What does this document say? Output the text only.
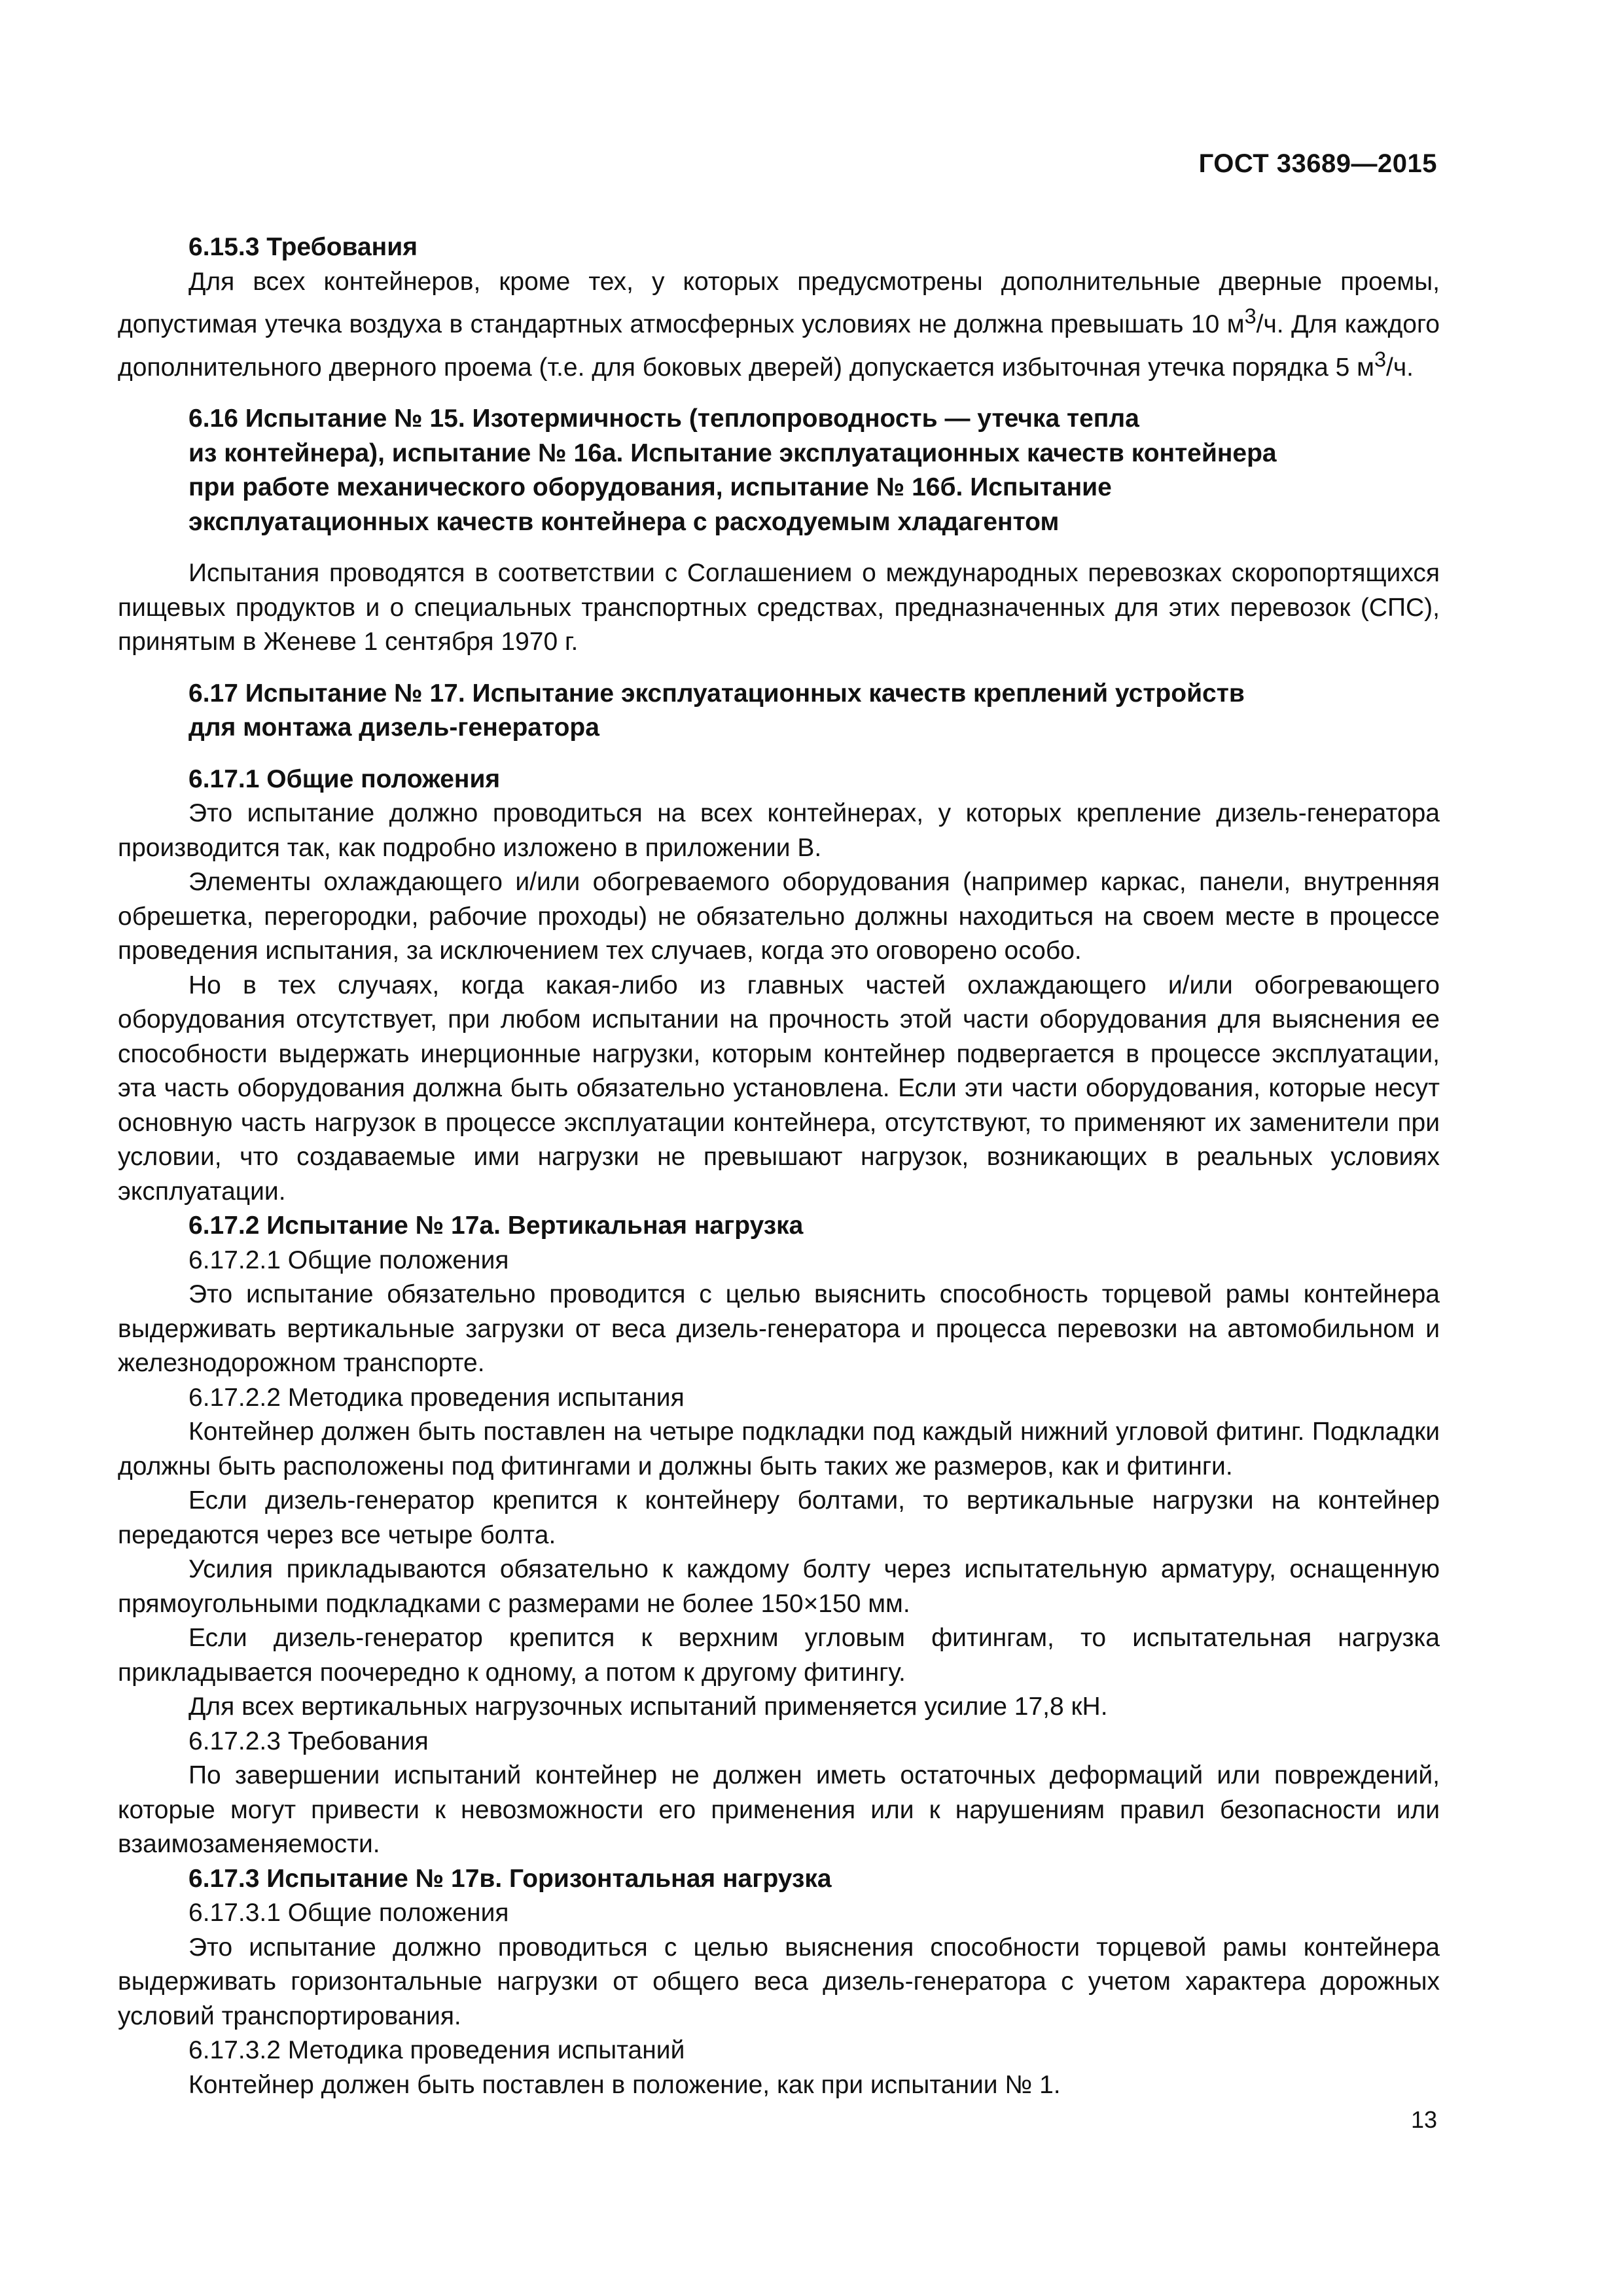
ГОСТ 33689—2015

6.15.3 Требования

Для всех контейнеров, кроме тех, у которых предусмотрены дополнительные дверные проемы, допустимая утечка воздуха в стандартных атмосферных условиях не должна превышать 10 $м^3/ч$. Для каждого дополнительного дверного проема (т.е. для боковых дверей) допускается избыточная утечка порядка 5 $м^3/ч$.

6.16 Испытание № 15. Изотермичность (теплопроводность — утечка тепла
из контейнера), испытание № 16а. Испытание эксплуатационных качеств контейнера
при работе механического оборудования, испытание № 16б. Испытание
эксплуатационных качеств контейнера с расходуемым хладагентом

Испытания проводятся в соответствии с Соглашением о международных перевозках скоропортящихся пищевых продуктов и о специальных транспортных средствах, предназначенных для этих перевозок (СПС), принятым в Женеве 1 сентября 1970 г.

6.17 Испытание № 17. Испытание эксплуатационных качеств креплений устройств
для монтажа дизель-генератора

6.17.1 Общие положения

Это испытание должно проводиться на всех контейнерах, у которых крепление дизель-генератора производится так, как подробно изложено в приложении В.

Элементы охлаждающего и/или обогреваемого оборудования (например каркас, панели, внутренняя обрешетка, перегородки, рабочие проходы) не обязательно должны находиться на своем месте в процессе проведения испытания, за исключением тех случаев, когда это оговорено особо.

Но в тех случаях, когда какая-либо из главных частей охлаждающего и/или обогревающего оборудования отсутствует, при любом испытании на прочность этой части оборудования для выяснения ее способности выдержать инерционные нагрузки, которым контейнер подвергается в процессе эксплуатации, эта часть оборудования должна быть обязательно установлена. Если эти части оборудования, которые несут основную часть нагрузок в процессе эксплуатации контейнера, отсутствуют, то применяют их заменители при условии, что создаваемые ими нагрузки не превышают нагрузок, возникающих в реальных условиях эксплуатации.

6.17.2 Испытание № 17а. Вертикальная нагрузка

6.17.2.1 Общие положения

Это испытание обязательно проводится с целью выяснить способность торцевой рамы контейнера выдерживать вертикальные загрузки от веса дизель-генератора и процесса перевозки на автомобильном и железнодорожном транспорте.

6.17.2.2 Методика проведения испытания

Контейнер должен быть поставлен на четыре подкладки под каждый нижний угловой фитинг. Подкладки должны быть расположены под фитингами и должны быть таких же размеров, как и фитинги.

Если дизель-генератор крепится к контейнеру болтами, то вертикальные нагрузки на контейнер передаются через все четыре болта.

Усилия прикладываются обязательно к каждому болту через испытательную арматуру, оснащенную прямоугольными подкладками с размерами не более 150×150 мм.

Если дизель-генератор крепится к верхним угловым фитингам, то испытательная нагрузка прикладывается поочередно к одному, а потом к другому фитингу.

Для всех вертикальных нагрузочных испытаний применяется усилие 17,8 кН.

6.17.2.3 Требования

По завершении испытаний контейнер не должен иметь остаточных деформаций или повреждений, которые могут привести к невозможности его применения или к нарушениям правил безопасности или взаимозаменяемости.

6.17.3 Испытание № 17в. Горизонтальная нагрузка

6.17.3.1 Общие положения

Это испытание должно проводиться с целью выяснения способности торцевой рамы контейнера выдерживать горизонтальные нагрузки от общего веса дизель-генератора с учетом характера дорожных условий транспортирования.

6.17.3.2 Методика проведения испытаний

Контейнер должен быть поставлен в положение, как при испытании № 1.

13
